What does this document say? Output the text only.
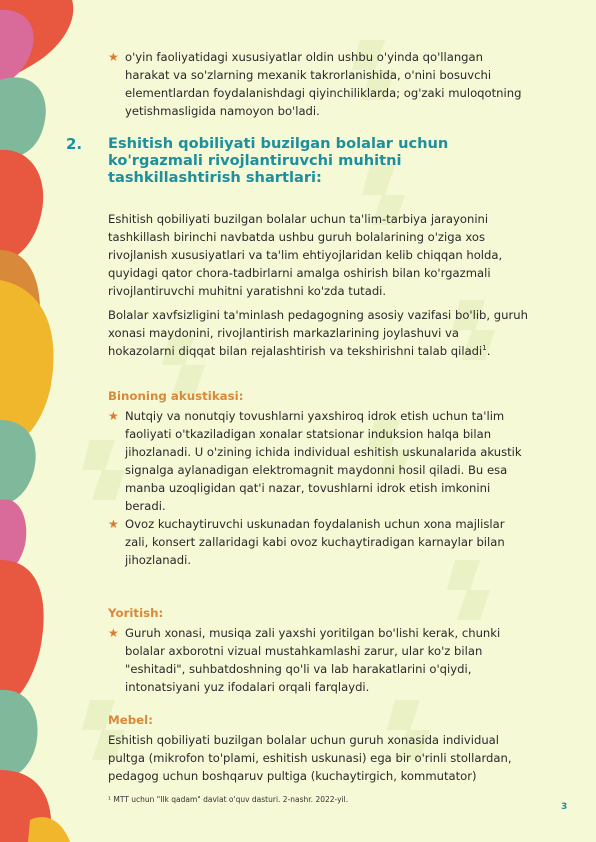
★ o'yin faoliyatidagi xususiyatlar oldin ushbu o'yinda qo'llangan harakat va so'zlarning mexanik takrorlanishida, o'nini bosuvchi elementlardan foydalanishdagi qiyinchiliklarda; og'zaki muloqotning yetishmasligida namoyon bo'ladi.
2. Eshitish qobiliyati buzilgan bolalar uchun ko'rgazmali rivojlantiruvchi muhitni tashkillashtirish shartlari:

Eshitish qobiliyati buzilgan bolalar uchun ta'lim-tarbiya jarayonini tashkillash birinchi navbatda ushbu guruh bolalarining o'ziga xos rivojlanish xususiyatlari va ta'lim ehtiyojlaridan kelib chiqqan holda, quyidagi qator chora-tadbirlarni amalga oshirish bilan ko'rgazmali rivojlantiruvchi muhitni yaratishni ko'zda tutadi.

Bolalar xavfsizligini ta'minlash pedagogning asosiy vazifasi bo'lib, guruh xonasi maydonini, rivojlantirish markazlarining joylashuvi va hokazolarni diqqat bilan rejalashtirish va tekshirishni talab qiladi$^1$.

Binoning akustikasi:
★ Nutqiy va nonutqiy tovushlarni yaxshiroq idrok etish uchun ta'lim faoliyati o'tkaziladigan xonalar statsionar induksion halqa bilan jihozlanadi. U o'zining ichida individual eshitish uskunalarida akustik signalga aylanadigan elektromagnit maydonni hosil qiladi. Bu esa manba uzoqligidan qat'i nazar, tovushlarni idrok etish imkonini beradi.
★ Ovoz kuchaytiruvchi uskunadan foydalanish uchun xona majlislar zali, konsert zallaridagi kabi ovoz kuchaytiradigan karnaylar bilan jihozlanadi.
Yoritish:
★ Guruh xonasi, musiqa zali yaxshi yoritilgan bo'lishi kerak, chunki bolalar axborotni vizual mustahkamlashi zarur, ular ko'z bilan "eshitadi", suhbatdoshning qo'li va lab harakatlarini o'qiydi, intonatsiyani yuz ifodalari orqali farqlaydi.
Mebel:

Eshitish qobiliyati buzilgan bolalar uchun guruh xonasida individual pultga (mikrofon to'plami, eshitish uskunasi) ega bir o'rinli stollardan, pedagog uchun boshqaruv pultiga (kuchaytirgich, kommutator)

¹ MTT uchun "Ilk qadam" davlat o'quv dasturi. 2-nashr. 2022-yil.
3
